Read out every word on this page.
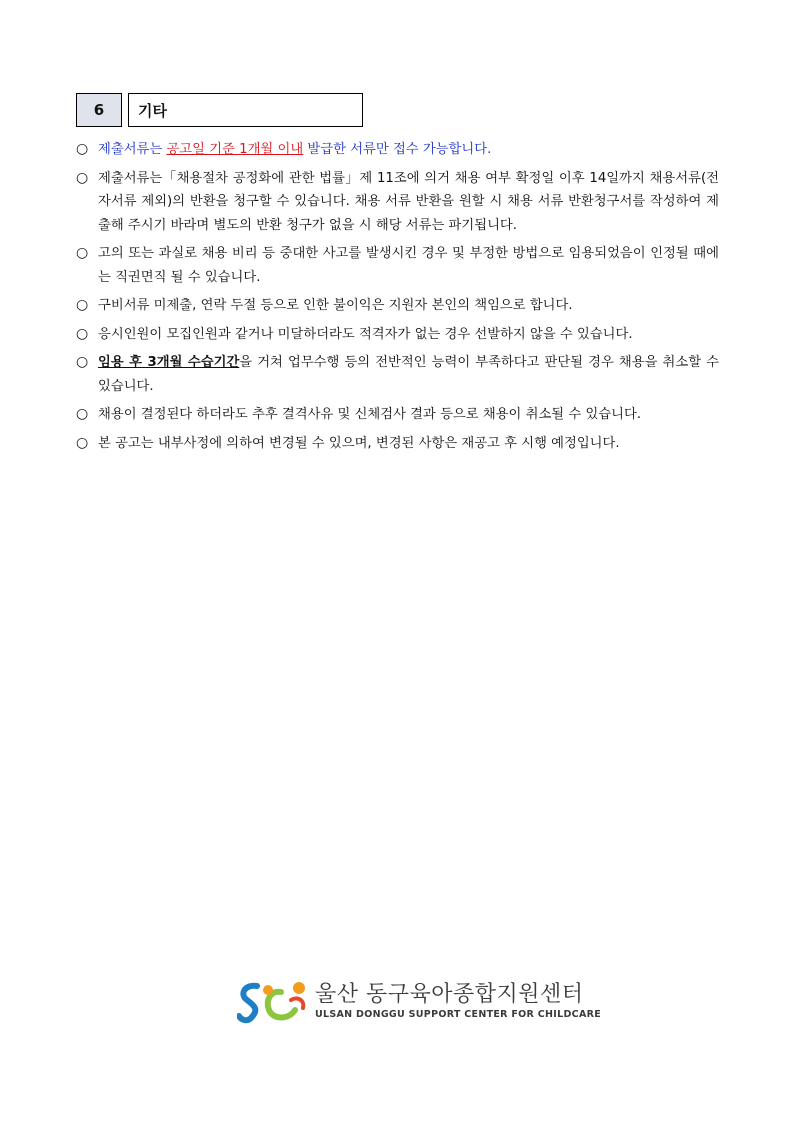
6	기타
○ 제출서류는 공고일 기준 1개월 이내 발급한 서류만 접수 가능합니다.
○ 제출서류는「채용절차 공정화에 관한 법률」제 11조에 의거 채용 여부 확정일 이후 14일까지 채용서류(전자서류 제외)의 반환을 청구할 수 있습니다. 채용 서류 반환을 원할 시 채용 서류 반환청구서를 작성하여 제출해 주시기 바라며 별도의 반환 청구가 없을 시 해당 서류는 파기됩니다.
○ 고의 또는 과실로 채용 비리 등 중대한 사고를 발생시킨 경우 및 부정한 방법으로 임용되었음이 인정될 때에는 직권면직 될 수 있습니다.
○ 구비서류 미제출, 연락 두절 등으로 인한 불이익은 지원자 본인의 책임으로 합니다.
○ 응시인원이 모집인원과 같거나 미달하더라도 적격자가 없는 경우 선발하지 않을 수 있습니다.
○ 임용 후 3개월 수습기간을 거쳐 업무수행 등의 전반적인 능력이 부족하다고 판단될 경우 채용을 취소할 수 있습니다.
○ 채용이 결정된다 하더라도 추후 결격사유 및 신체검사 결과 등으로 채용이 취소될 수 있습니다.
○ 본 공고는 내부사정에 의하여 변경될 수 있으며, 변경된 사항은 재공고 후 시행 예정입니다.
울산 동구육아종합지원센터
ULSAN DONGGU SUPPORT CENTER FOR CHILDCARE
